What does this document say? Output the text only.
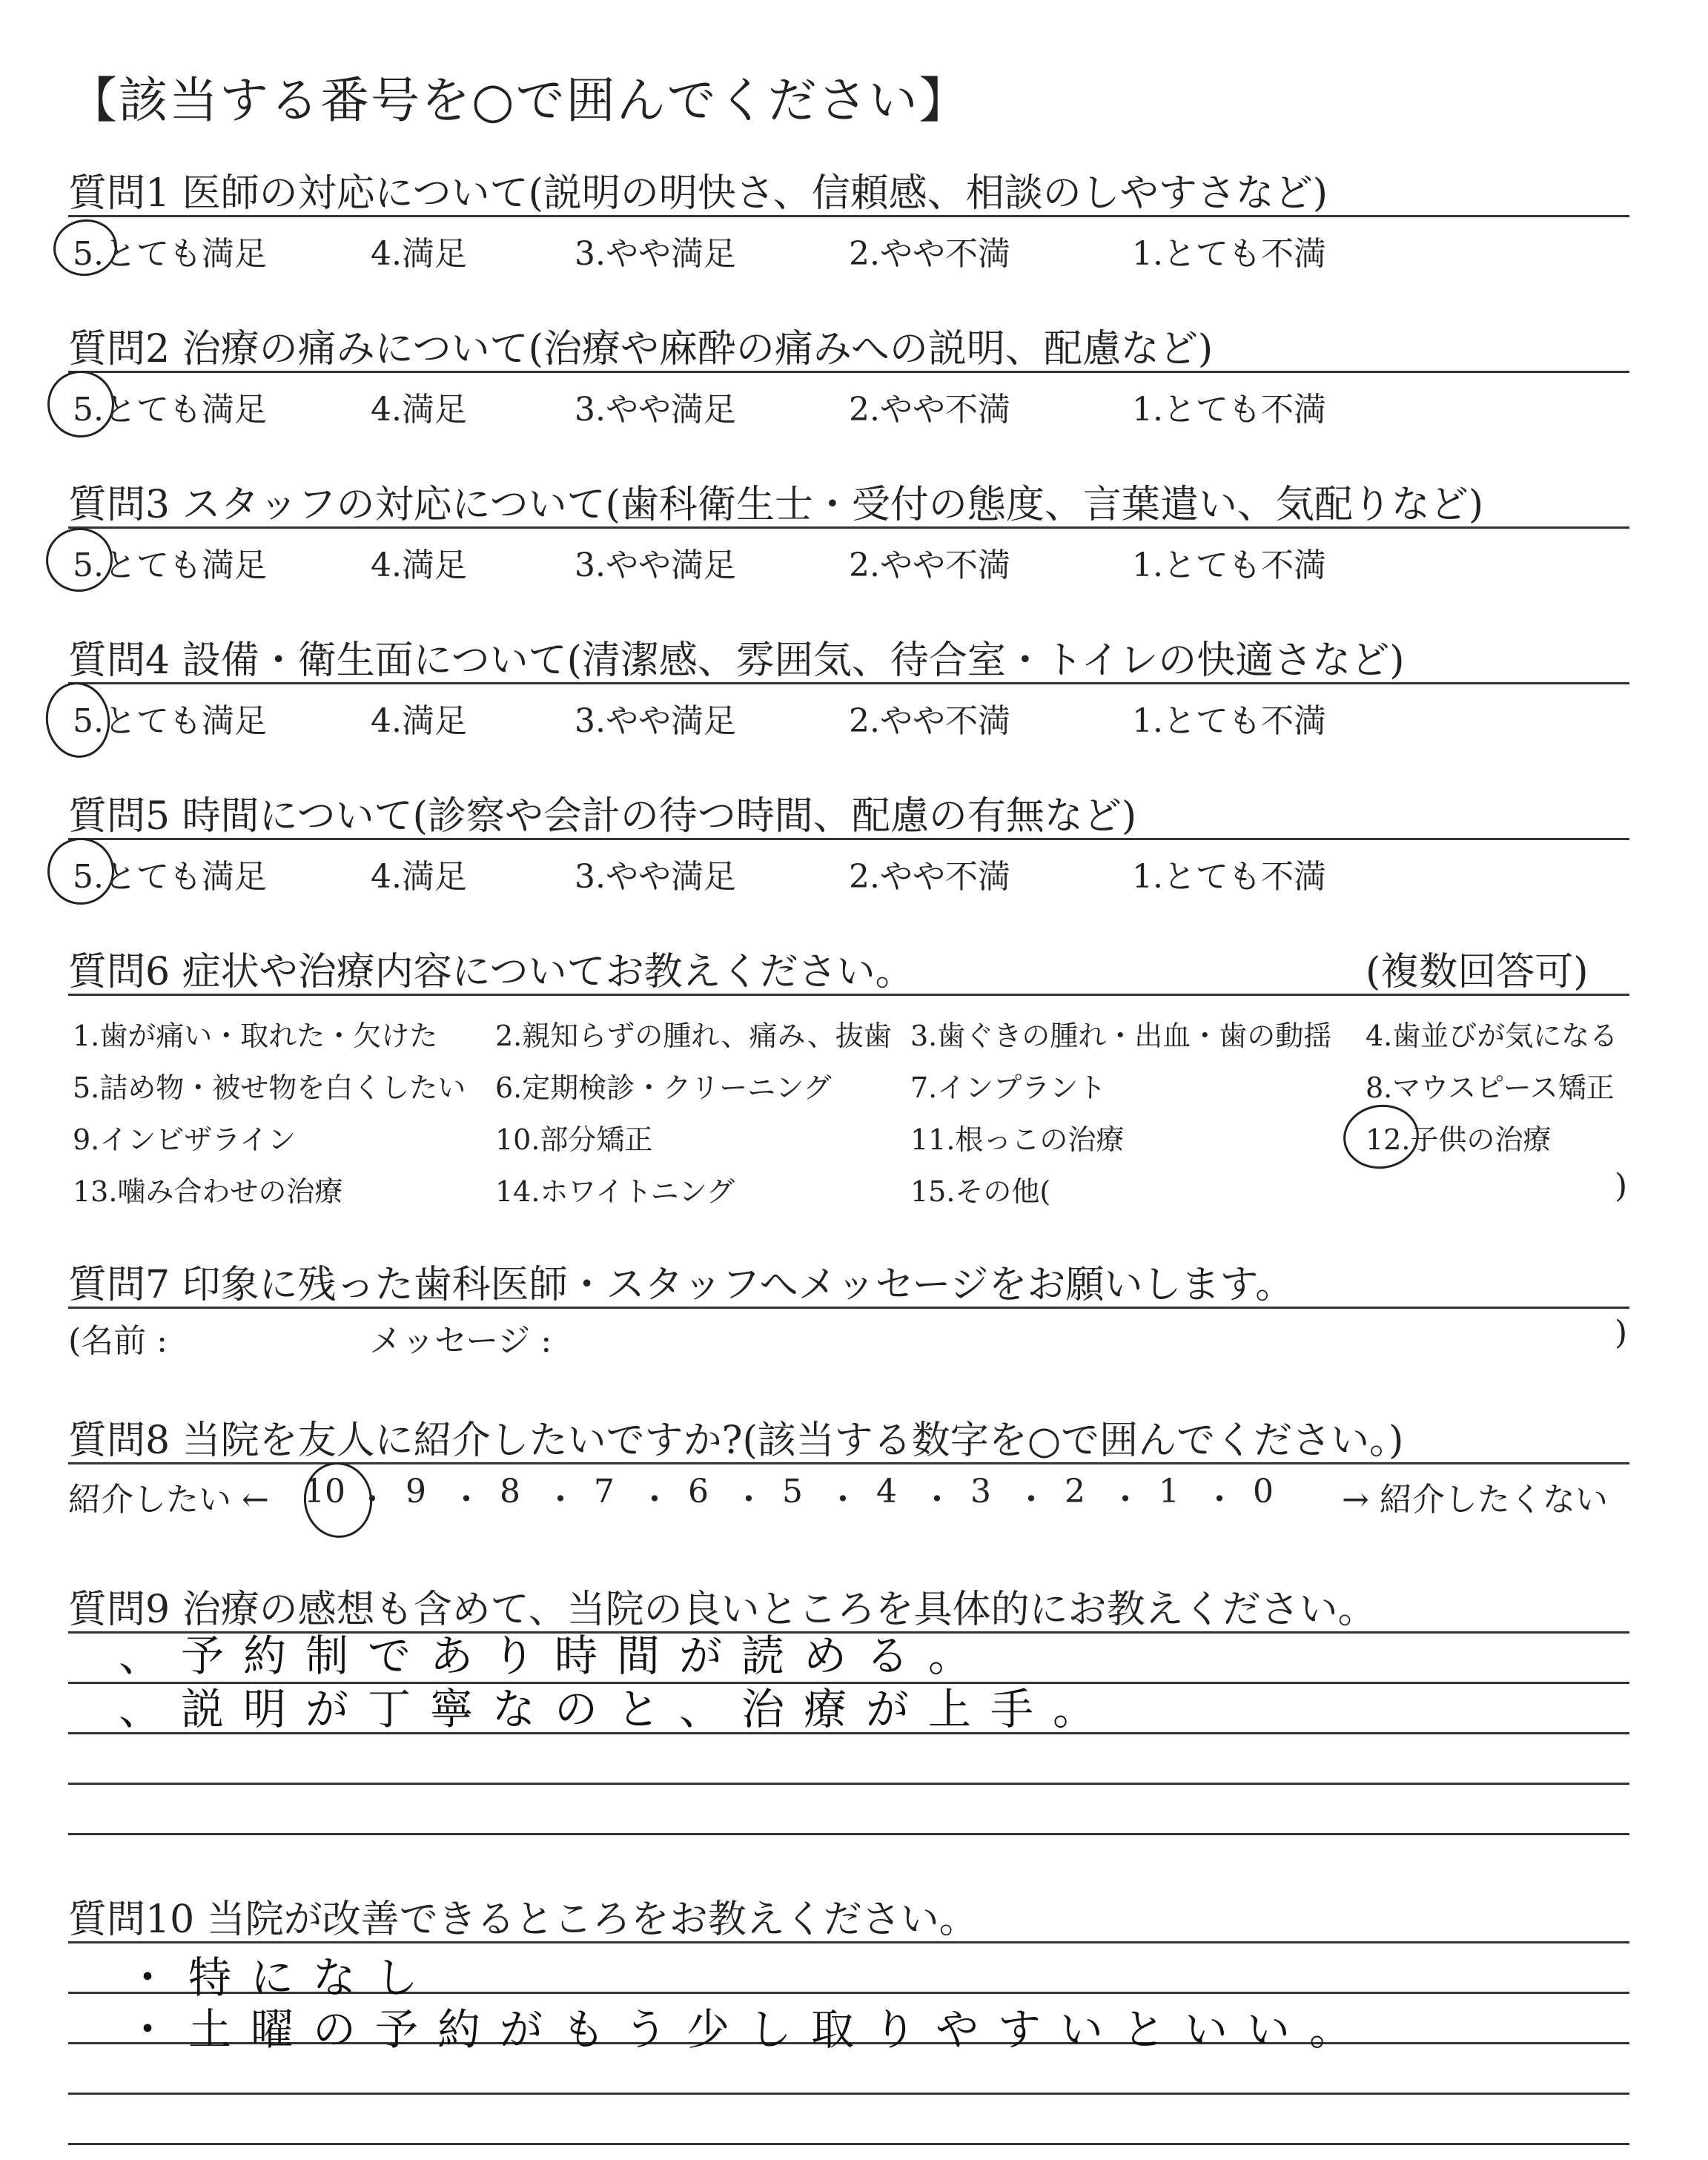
【該当する番号を○で囲んでください】
質問1 医師の対応について(説明の明快さ、信頼感、相談のしやすさなど)
5.とても満足	4.満足	3.やや満足	2.やや不満	1.とても不満
質問2 治療の痛みについて(治療や麻酔の痛みへの説明、配慮など)
5.とても満足	4.満足	3.やや満足	2.やや不満	1.とても不満
質問3 スタッフの対応について(歯科衛生士・受付の態度、言葉遣い、気配りなど)
5.とても満足	4.満足	3.やや満足	2.やや不満	1.とても不満
質問4 設備・衛生面について(清潔感、雰囲気、待合室・トイレの快適さなど)
5.とても満足	4.満足	3.やや満足	2.やや不満	1.とても不満
質問5 時間について(診察や会計の待つ時間、配慮の有無など)
5.とても満足	4.満足	3.やや満足	2.やや不満	1.とても不満
質問6 症状や治療内容についてお教えください。	(複数回答可)
1.歯が痛い・取れた・欠けた 2.親知らずの腫れ、痛み、抜歯 3.歯ぐきの腫れ・出血・歯の動揺 4.歯並びが気になる
5.詰め物・被せ物を白くしたい 6.定期検診・クリーニング	7.インプラント	8.マウスピース矯正
9.インビザライン	10.部分矯正	11.根っこの治療	12.子供の治療
13.噛み合わせの治療	14.ホワイトニング	15.その他(	)
質問7 印象に残った歯科医師・スタッフへメッセージをお願いします。
(名前 :	メッセージ :	)
質問8 当院を友人に紹介したいですか?(該当する数字を○で囲んでください。)
紹介したい ← 10 ・ 9 ・ 8 ・ 7 ・ 6 ・ 5 ・ 4 ・ 3 ・ 2 ・ 1 ・ 0 → 紹介したくない
質問9 治療の感想も含めて、当院の良いところを具体的にお教えください。
、予約制であり時間が読める。
、説明が丁寧なのと、治療が上手。
質問10 当院が改善できるところをお教えください。
・特になし
・土曜の予約がもう少し取りやすいといい。
